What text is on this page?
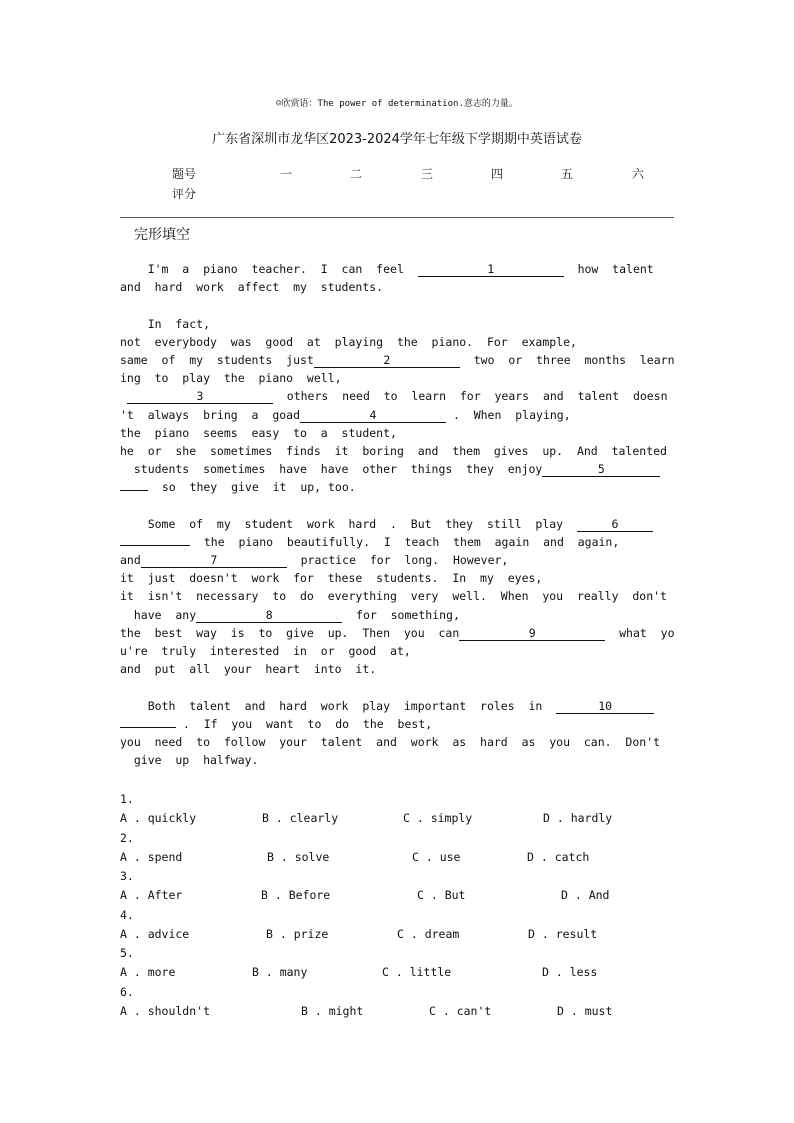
☺欣赏语：The power of determination.意志的力量。
广东省深圳市龙华区2023-2024学年七年级下学期期中英语试卷
题号	一	二	三	四	五	六
评分
完形填空
I'm  a  piano  teacher.  I  can  feel	1	how  talent
and  hard  work  affect  my  students.
In  fact,
not  everybody  was  good  at  playing  the  piano.  For  example,
same  of  my  students  just	2	two  or  three  months  learn
ing  to  play  the  piano  well,
3	others  need  to  learn  for  years  and  talent  doesn
't  always  bring  a  goad	4	.  When  playing,
the  piano  seems  easy  to  a  student,
he  or  she  sometimes  finds  it  boring  and  them  gives  up.  And  talented
students  sometimes  have  have  other  things  they  enjoy	5
so  they  give  it  up, too.
Some  of  my  student  work  hard  .  But  they  still  play	6
the  piano  beautifully.  I  teach  them  again  and  again,
and	7	practice  for  long.  However,
it  just  doesn't  work  for  these  students.  In  my  eyes,
it  isn't  necessary  to  do  everything  very  well.  When  you  really  don't
have  any	8	for  something,
the  best  way  is  to  give  up.  Then  you  can	9	what  yo
u're  truly  interested  in  or  good  at,
and  put  all  your  heart  into  it.
Both  talent  and  hard  work  play  important  roles  in	10
.  If  you  want  to  do  the  best,
you  need  to  follow  your  talent  and  work  as  hard  as  you  can.  Don't
give  up  halfway.
1.
A . quickly	B . clearly	C . simply	D . hardly
2.
A . spend	B . solve	C . use	D . catch
3.
A . After	B . Before	C . But	D . And
4.
A . advice	B . prize	C . dream	D . result
5.
A . more	B . many	C . little	D . less
6.
A . shouldn't	B . might	C . can't	D . must
